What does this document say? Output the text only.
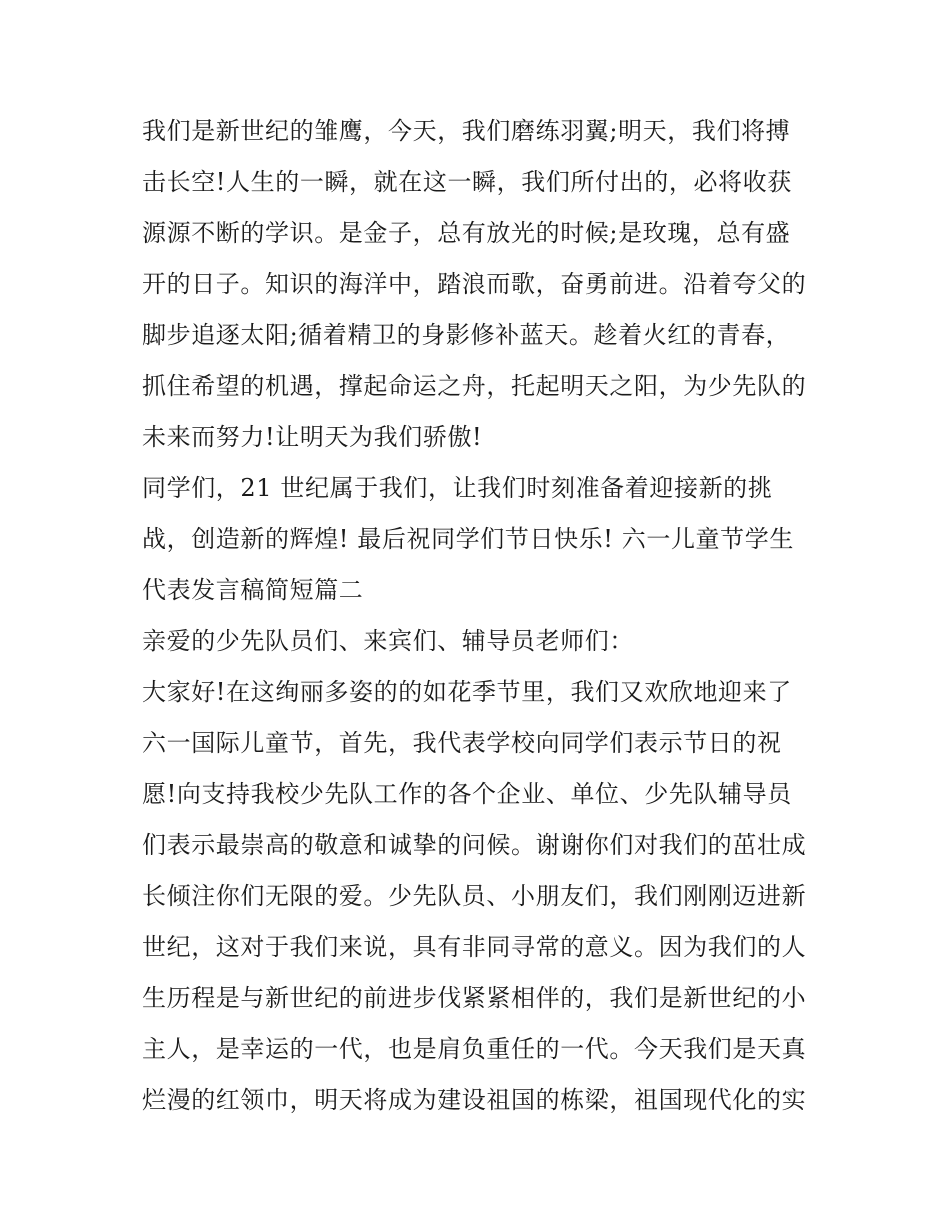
我们是新世纪的雏鹰，今天，我们磨练羽翼;明天，我们将搏
击长空!人生的一瞬，就在这一瞬，我们所付出的，必将收获
源源不断的学识。是金子，总有放光的时候;是玫瑰，总有盛
开的日子。知识的海洋中，踏浪而歌，奋勇前进。沿着夸父的
脚步追逐太阳;循着精卫的身影修补蓝天。趁着火红的青春，
抓住希望的机遇，撑起命运之舟，托起明天之阳，为少先队的
未来而努力!让明天为我们骄傲!
同学们，21 世纪属于我们，让我们时刻准备着迎接新的挑
战，创造新的辉煌! 最后祝同学们节日快乐! 六一儿童节学生
代表发言稿简短篇二
亲爱的少先队员们、来宾们、辅导员老师们：
大家好!在这绚丽多姿的的如花季节里，我们又欢欣地迎来了
六一国际儿童节，首先，我代表学校向同学们表示节日的祝
愿!向支持我校少先队工作的各个企业、单位、少先队辅导员
们表示最崇高的敬意和诚挚的问候。谢谢你们对我们的茁壮成
长倾注你们无限的爱。少先队员、小朋友们，我们刚刚迈进新
世纪，这对于我们来说，具有非同寻常的意义。因为我们的人
生历程是与新世纪的前进步伐紧紧相伴的，我们是新世纪的小
主人，是幸运的一代，也是肩负重任的一代。今天我们是天真
烂漫的红领巾，明天将成为建设祖国的栋梁，祖国现代化的实
